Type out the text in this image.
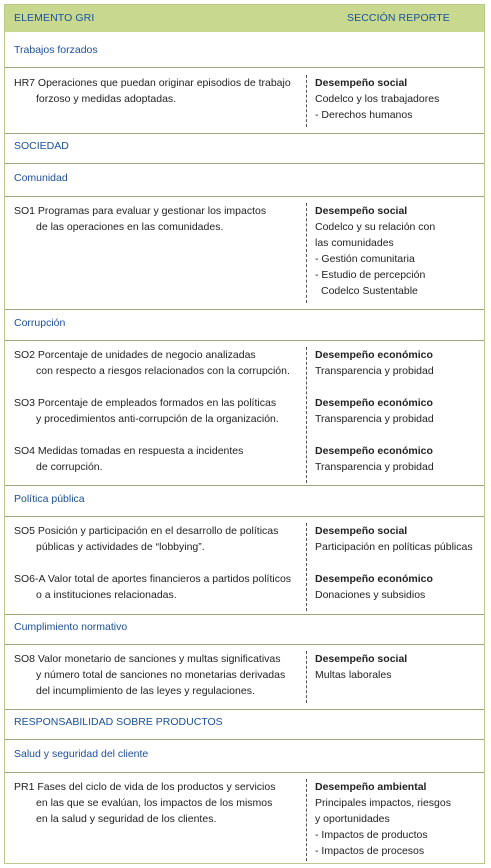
ELEMENTO GRI	SECCIÓN REPORTE
Trabajos forzados
HR7 Operaciones que puedan originar episodios de trabajo
forzoso y medidas adoptadas.
Desempeño social
Codelco y los trabajadores
- Derechos humanos
SOCIEDAD
Comunidad
SO1 Programas para evaluar y gestionar los impactos
de las operaciones en las comunidades.
Desempeño social
Codelco y su relación con
las comunidades
- Gestión comunitaria
- Estudio de percepción
Codelco Sustentable
Corrupción
SO2 Porcentaje de unidades de negocio analizadas
con respecto a riesgos relacionados con la corrupción.
Desempeño económico
Transparencia y probidad
SO3 Porcentaje de empleados formados en las políticas
y procedimientos anti-corrupción de la organización.
Desempeño económico
Transparencia y probidad
SO4 Medidas tomadas en respuesta a incidentes
de corrupción.
Desempeño económico
Transparencia y probidad
Política pública
SO5 Posición y participación en el desarrollo de políticas
públicas y actividades de “lobbying”.
Desempeño social
Participación en políticas públicas
SO6-A Valor total de aportes financieros a partidos políticos
o a instituciones relacionadas.
Desempeño económico
Donaciones y subsidios
Cumplimiento normativo
SO8 Valor monetario de sanciones y multas significativas
y número total de sanciones no monetarias derivadas
del incumplimiento de las leyes y regulaciones.
Desempeño social
Multas laborales
RESPONSABILIDAD SOBRE PRODUCTOS
Salud y seguridad del cliente
PR1 Fases del ciclo de vida de los productos y servicios
en las que se evalúan, los impactos de los mismos
en la salud y seguridad de los clientes.
Desempeño ambiental
Principales impactos, riesgos
y oportunidades
- Impactos de productos
- Impactos de procesos
